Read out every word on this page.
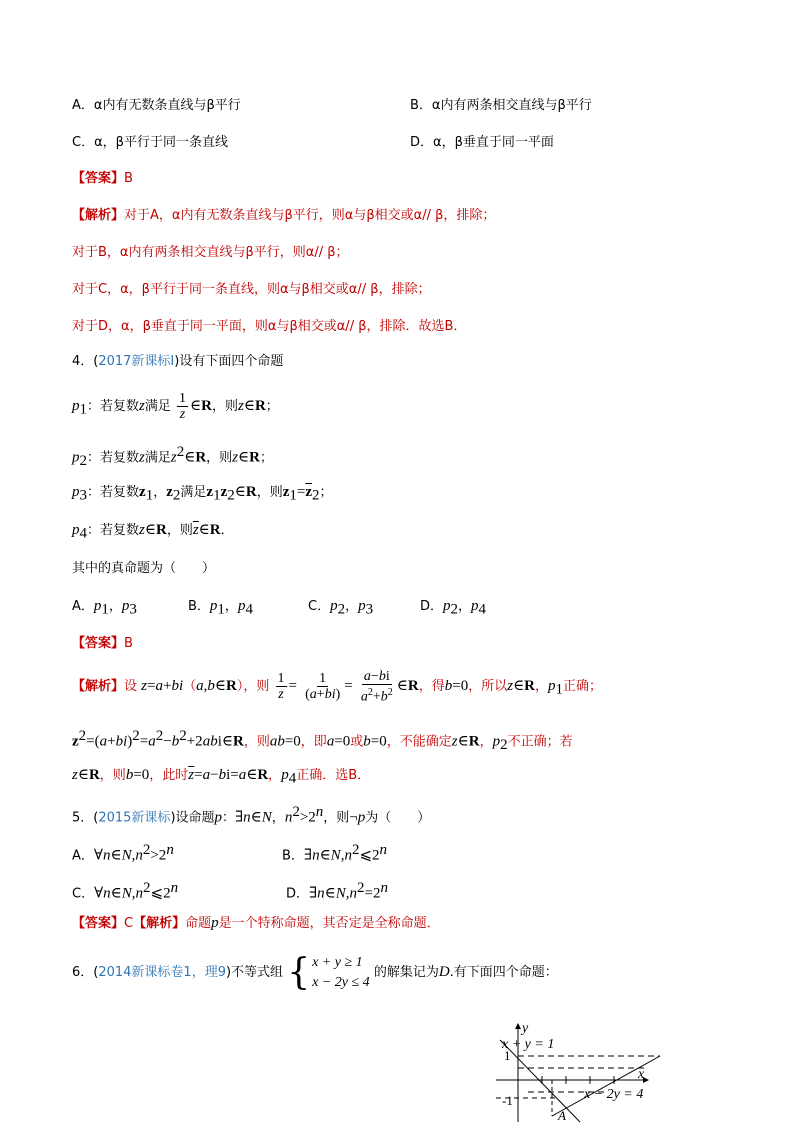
A．α内有无数条直线与β平行	B．α内有两条相交直线与β平行
C．α，β平行于同一条直线	D．α，β垂直于同一平面
【答案】B
【解析】对于A，α内有无数条直线与β平行，则α与β相交或α// β，排除；
对于B，α内有两条相交直线与β平行，则α// β；
对于C，α，β平行于同一条直线，则α与β相交或α// β，排除；
对于D，α，β垂直于同一平面，则α与β相交或α// β，排除．故选B．
4．(2017新课标Ⅰ)设有下面四个命题
$p_1$：若复数z满足 $\frac{1}{z}$ ∈R，则z∈R；
$p_2$：若复数z满足$z^2\in R$，则z∈R；
$p_3$：若复数$z_1$，$z_2$满足$z_1z_2\in R$，则$z_1=\overline{z}_2$；
$p_4$：若复数z∈R，则$\overline{z}\in R$．
其中的真命题为（　　）
A．$p_1$，$p_3$	B．$p_1$，$p_4$	C．$p_2$，$p_3$	D．$p_2$，$p_4$
【答案】B
【解析】设 z=a+bi（a,b∈R），则 $\frac{1}{z} = \frac{1}{(a+bi)} = \frac{a-bi}{a^2+b^2}$ ∈R，得b=0，所以z∈R，$p_1$正确；
$z^2=(a+bi)^2=a^2-b^2+2abi\in R$，则ab=0，即a=0或b=0，不能确定z∈R，$p_2$不正确；若
z∈R，则b=0，此时$\overline{z}=a-bi=a\in R$，$p_4$正确．选B．
5．(2015新课标)设命题p：∃n∈N，$n^2>2^n$，则¬p为（　　）
A．$\forall n\in N,n^2>2^n$	B．$\exists n\in N,n^2⩽2^n$
C．$\forall n\in N,n^2⩽2^n$	D．$\exists n\in N,n^2=2^n$
【答案】C【解析】命题p是一个特称命题，其否定是全称命题．
6．(2014新课标卷1，理9)不等式组 { x + y ≥ 1
x − 2y ≤ 4
的解集记为D.有下面四个命题：
y
x
x + y = 1
x − 2y = 4
1
-1
A
